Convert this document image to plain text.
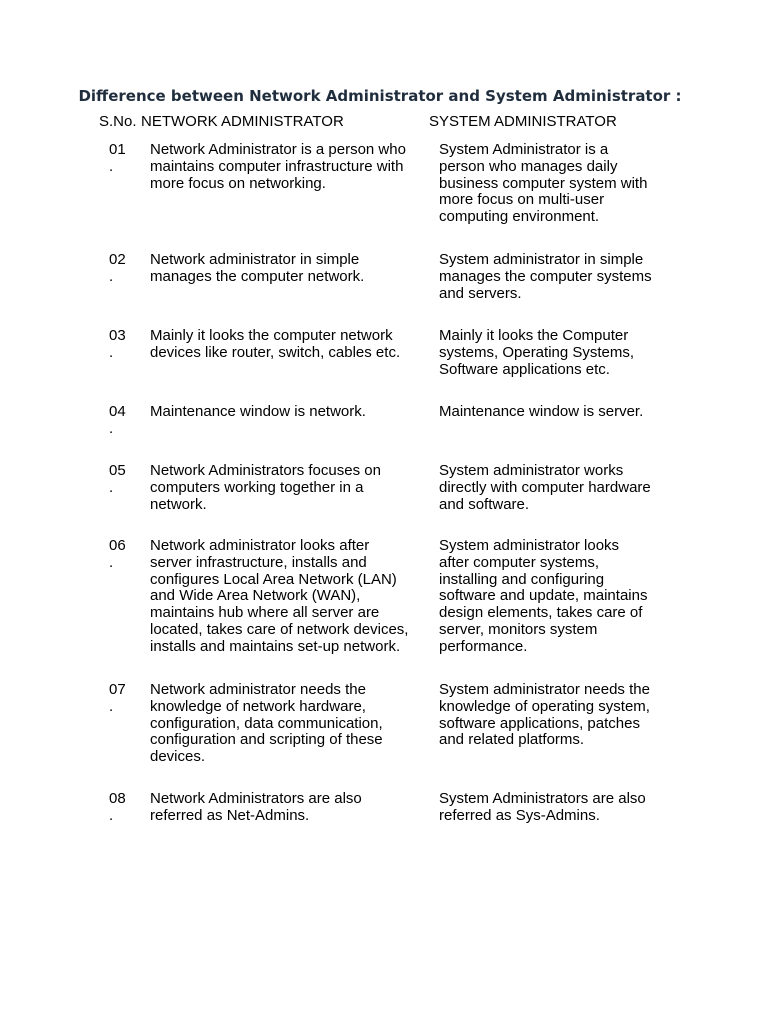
Difference between Network Administrator and System Administrator :
S.No. NETWORK ADMINISTRATOR	SYSTEM ADMINISTRATOR
01
.
Network Administrator is a person who
maintains computer infrastructure with
more focus on networking.
System Administrator is a
person who manages daily
business computer system with
more focus on multi-user
computing environment.
02
.
Network administrator in simple
manages the computer network.
System administrator in simple
manages the computer systems
and servers.
03
.
Mainly it looks the computer network
devices like router, switch, cables etc.
Mainly it looks the Computer
systems, Operating Systems,
Software applications etc.
04
.
Maintenance window is network.	Maintenance window is server.
05
.
Network Administrators focuses on
computers working together in a
network.
System administrator works
directly with computer hardware
and software.
06
.
Network administrator looks after
server infrastructure, installs and
configures Local Area Network (LAN)
and Wide Area Network (WAN),
maintains hub where all server are
located, takes care of network devices,
installs and maintains set-up network.
System administrator looks
after computer systems,
installing and configuring
software and update, maintains
design elements, takes care of
server, monitors system
performance.
07
.
Network administrator needs the
knowledge of network hardware,
configuration, data communication,
configuration and scripting of these
devices.
System administrator needs the
knowledge of operating system,
software applications, patches
and related platforms.
08
.
Network Administrators are also
referred as Net-Admins.
System Administrators are also
referred as Sys-Admins.
